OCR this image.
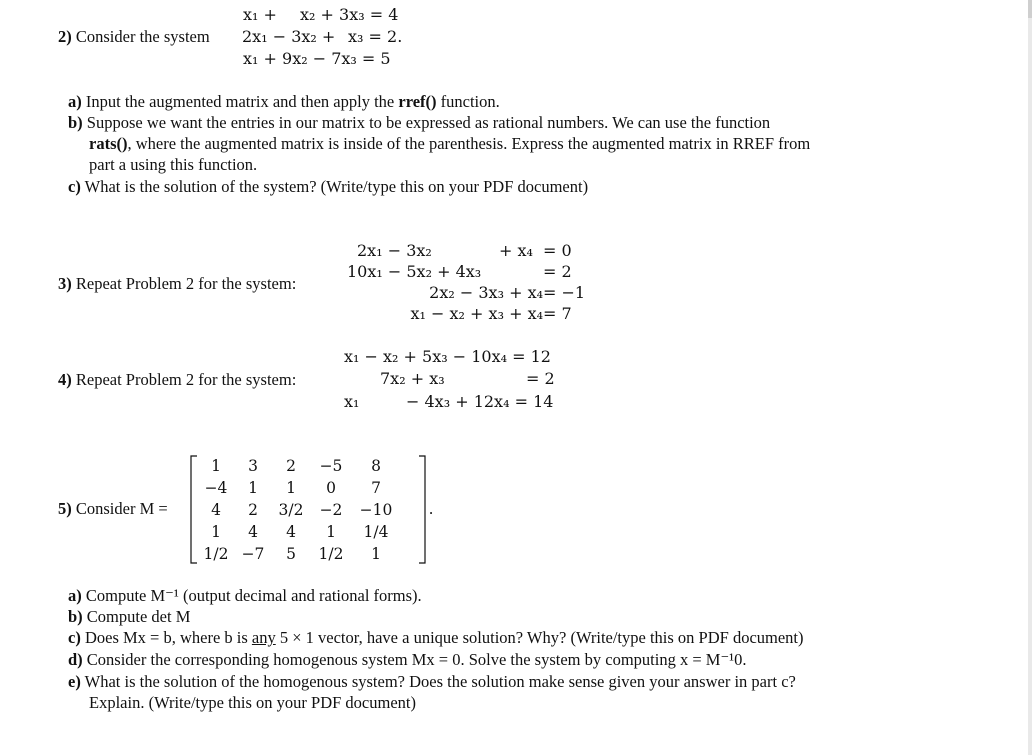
x₁ + x₂ + 3x₃ = 4
2) Consider the system 2x₁ − 3x₂ + x₃ = 2.
x₁ + 9x₂ − 7x₃ = 5
a) Input the augmented matrix and then apply the rref() function.
b) Suppose we want the entries in our matrix to be expressed as rational numbers. We can use the function
rats(), where the augmented matrix is inside of the parenthesis. Express the augmented matrix in RREF from
part a using this function.
c) What is the solution of the system? (Write/type this on your PDF document)
3) Repeat Problem 2 for the system:
2x₁ − 3x₂	+ x₄ = 0
10x₁ − 5x₂ + 4x₃	= 2
2x₂ − 3x₃ + x₄ = −1
x₁ − x₂ + x₃ + x₄ = 7
4) Repeat Problem 2 for the system:
x₁ − x₂ + 5x₃ − 10x₄ = 12
7x₂ + x₃	= 2
x₁	− 4x₃ + 12x₄ = 14
5) Consider M =
1	3	2	−5	8
−4	1	1	0	7
4	2	3/2	−2	−10
1	4	4	1	1/4
1/2 −7	5	1/2	1
.
a) Compute M⁻¹ (output decimal and rational forms).
b) Compute det M
c) Does Mx = b, where b is any 5 × 1 vector, have a unique solution? Why? (Write/type this on PDF document)
d) Consider the corresponding homogenous system Mx = 0. Solve the system by computing x = M⁻¹0.
e) What is the solution of the homogenous system? Does the solution make sense given your answer in part c?
Explain. (Write/type this on your PDF document)
